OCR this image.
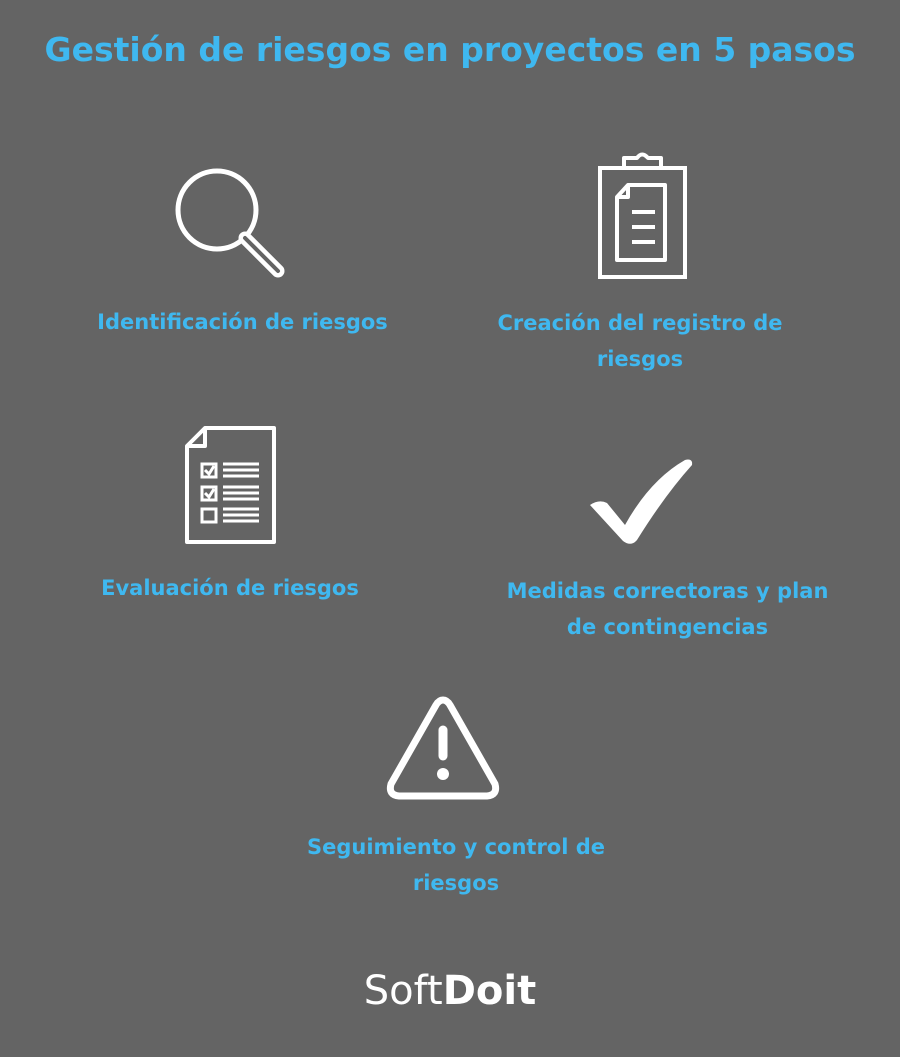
Gestión de riesgos en proyectos en 5 pasos
Identificación de riesgos	Creación del registro de
riesgos
Evaluación de riesgos	Medidas correctoras y plan
de contingencias
Seguimiento y control de
riesgos
SoftDoit
